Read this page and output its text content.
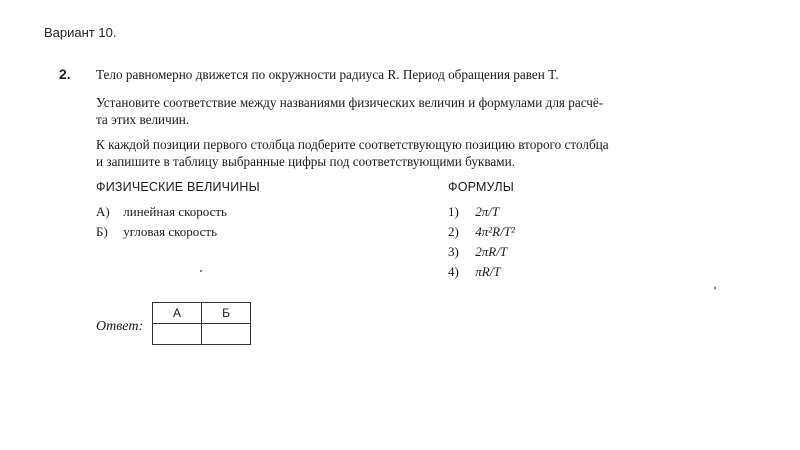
Вариант 10.
2. Тело равномерно движется по окружности радиуса R. Период обращения равен T.
Установите соответствие между названиями физических величин и формулами для расчё-
та этих величин.
К каждой позиции первого столбца подберите соответствующую позицию второго столбца
и запишите в таблицу выбранные цифры под соответствующими буквами.
ФИЗИЧЕСКИЕ ВЕЛИЧИНЫ	ФОРМУЛЫ
А) линейная скорость
Б) угловая скорость
1) 2π/T
2) 4π²R/T²
3) 2πR/T
4) πR/T
Ответ:
А	Б
